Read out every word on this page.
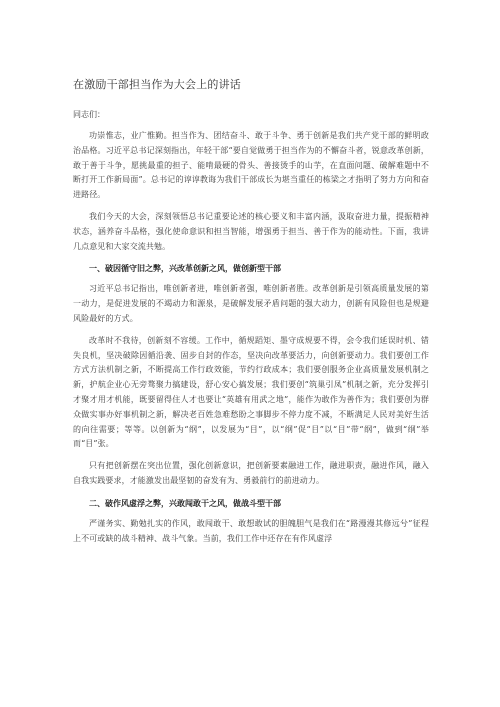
在激励干部担当作为大会上的讲话
同志们：

功崇惟志，业广惟勤。担当作为、团结奋斗、敢于斗争、勇于创新是我们共产党干部的鲜明政治品格。习近平总书记深刻指出，年轻干部“要自觉做勇于担当作为的不懈奋斗者，锐意改革创新，敢于善于斗争，愿挑最重的担子、能啃最硬的骨头、善接烫手的山芋，在直面问题、破解难题中不断打开工作新局面”。总书记的谆谆教诲为我们干部成长为堪当重任的栋梁之才指明了努力方向和奋进路径。

我们今天的大会，深刻领悟总书记重要论述的核心要义和丰富内涵，汲取奋进力量，提振精神状态，涵养奋斗品格，强化使命意识和担当智能，增强勇于担当、善于作为的能动性。下面，我讲几点意见和大家交流共勉。

一、破因循守旧之弊，兴改革创新之风，做创新型干部

习近平总书记指出，唯创新者进，唯创新者强，唯创新者胜。改革创新是引领高质量发展的第一动力，是促进发展的不竭动力和源泉，是破解发展矛盾问题的强大动力，创新有风险但也是规避风险最好的方式。

改革时不我待，创新刻不容缓。工作中，循规蹈矩、墨守成规要不得，会令我们延误时机、错失良机，坚决破除因循沿袭、固步自封的作态，坚决向改革要活力，向创新要动力。我们要创工作方式方法机制之新，不断提高工作行政效能，节约行政成本；我们要创服务企业高质量发展机制之新，护航企业心无旁骛聚力搞建设，舒心安心搞发展；我们要创“筑巢引凤”机制之新，充分发挥引才聚才用才机能，既要留得住人才也要让“英雄有用武之地”，能作为敢作为善作为；我们要创为群众做实事办好事机制之新，解决老百姓急难愁盼之事脚步不停力度不减，不断满足人民对美好生活的向往需要；等等。以创新为“纲”，以发展为“目”，以“纲”促“目”以“目”带“纲”，做到“纲”举而“目”张。

只有把创新摆在突出位置，强化创新意识，把创新要素融进工作，融进职责，融进作风，融入自我实践要求，才能激发出最坚韧的奋发有为、勇毅前行的前进动力。

二、破作风虚浮之弊，兴敢闯敢干之风，做战斗型干部

严谨务实、勤勉扎实的作风，敢闯敢干、敢想敢试的胆魄胆气是我们在“路漫漫其修远兮”征程上不可或缺的战斗精神、战斗气象。当前，我们工作中还存在有作风虚浮
